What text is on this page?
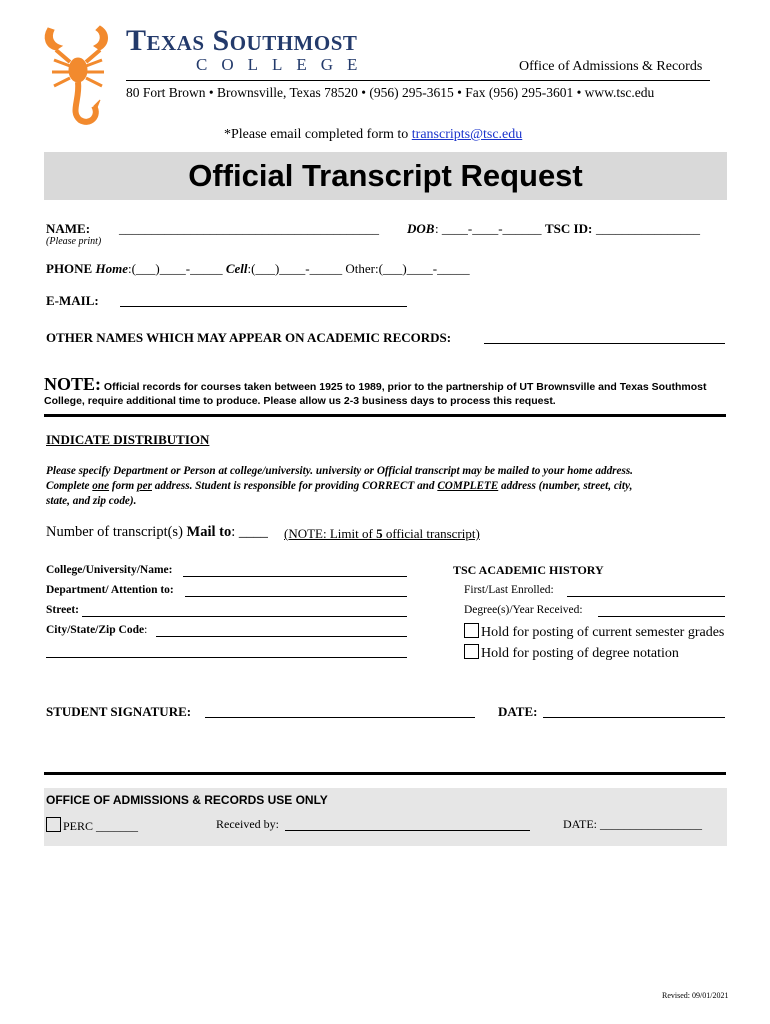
Texas Southmost
COLLEGE	Office of Admissions & Records
80 Fort Brown • Brownsville, Texas 78520 • (956) 295-3615 • Fax (956) 295-3601 • www.tsc.edu
*Please email completed form to transcripts@tsc.edu
Official Transcript Request
NAME: ________________________________________ DOB : ____-____-______ TSC ID: ________________
(Please print)
PHONE Home:(___)____-_____ Cell:(___)____-_____ Other:(___)____-_____
E-MAIL:
OTHER NAMES WHICH MAY APPEAR ON ACADEMIC RECORDS:
NOTE: Official records for courses taken between 1925 to 1989, prior to the partnership of UT Brownsville and Texas Southmost
College, require additional time to produce. Please allow us 2-3 business days to process this request.
INDICATE DISTRIBUTION
Please specify Department or Person at college/university. university or Official transcript may be mailed to your home address.
Complete one form per address. Student is responsible for providing CORRECT and COMPLETE address (number, street, city,
state, and zip code).
Number of transcript(s) Mail to: ____ (NOTE: Limit of 5 official transcript)
College/University/Name:
Department/ Attention to:
Street:
City/State/Zip Code:
TSC ACADEMIC HISTORY
First/Last Enrolled:
Degree(s)/Year Received:
Hold for posting of current semester grades
Hold for posting of degree notation
STUDENT SIGNATURE:	DATE:
OFFICE OF ADMISSIONS & RECORDS USE ONLY
PERC _______	Received by:	DATE: _________________
Revised: 09/01/2021
